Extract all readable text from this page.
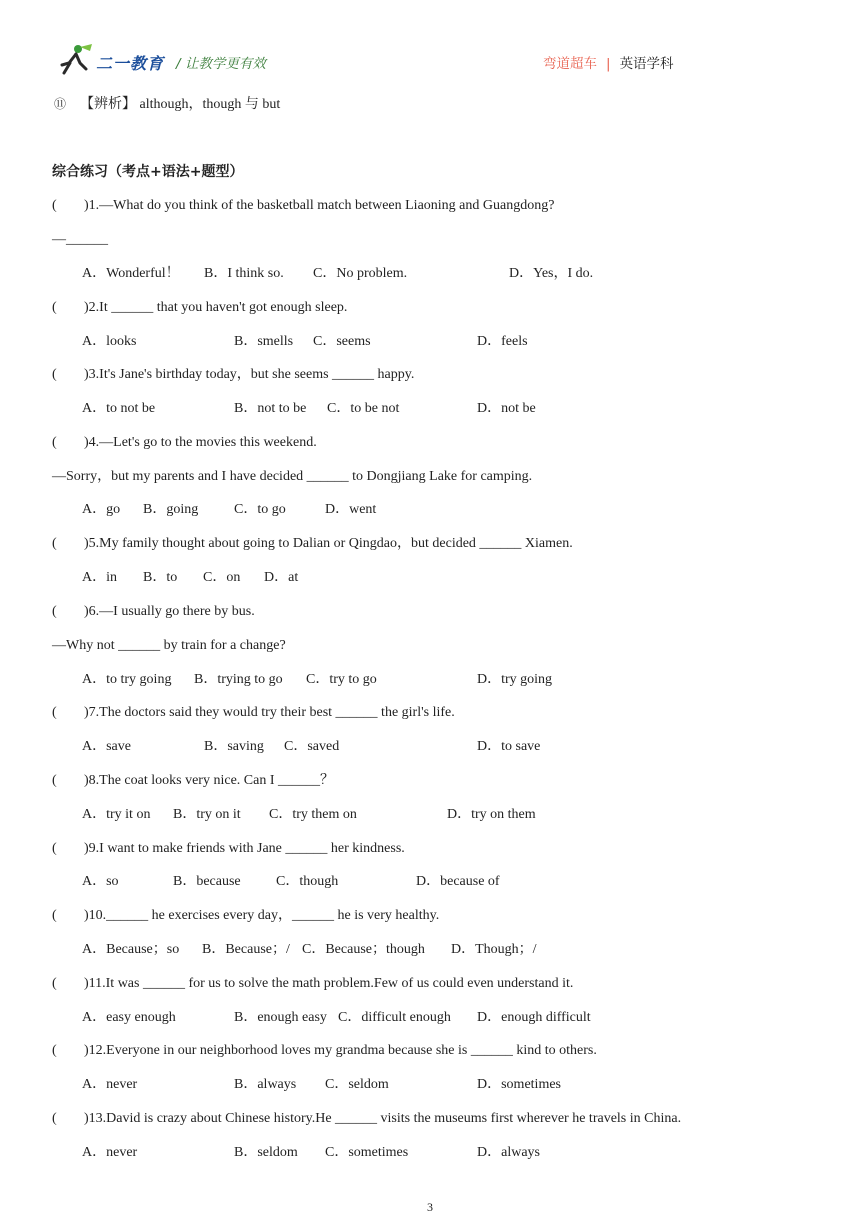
二一教育 / 让教学更有效	弯道超车 | 英语学科
⑪ 【辨析】 although，though 与 but
综合练习（考点+语法+题型）
( )1.—What do you think of the basketball match between Liaoning and Guangdong?
—______
A．Wonderful！ B．I think so. C．No problem.	D．Yes，I do.
( )2.It ______ that you haven't got enough sleep.
A．looks	B．smells C．seems	D．feels
( )3.It's Jane's birthday today，but she seems ______ happy.
A．to not be	B．not to be C．to be not	D．not be
( )4.—Let's go to the movies this weekend.
—Sorry，but my parents and I have decided ______ to Dongjiang Lake for camping.
A．go B．going	C．to go	D．went
( )5.My family thought about going to Dalian or Qingdao，but decided ______ Xiamen.
A．in B．to C．on D．at
( )6.—I usually go there by bus.
—Why not ______ by train for a change?
A．to try going B．trying to go C．try to go	D．try going
( )7.The doctors said they would try their best ______ the girl's life.
A．save	B．saving C．saved	D．to save
( )8.The coat looks very nice. Can I ______？
A．try it on B．try on it C．try them on	D．try on them
( )9.I want to make friends with Jane ______ her kindness.
A．so	B．because	C．though	D．because of
( )10.______ he exercises every day，______ he is very healthy.
A．Because；so B．Because；/ C．Because；though D．Though；/
( )11.It was ______ for us to solve the math problem.Few of us could even understand it.
A．easy enough	B．enough easy C．difficult enough D．enough difficult
( )12.Everyone in our neighborhood loves my grandma because she is ______ kind to others.
A．never	B．always C．seldom	D．sometimes
( )13.David is crazy about Chinese history.He ______ visits the museums first wherever he travels in China.
A．never	B．seldom C．sometimes	D．always
3
